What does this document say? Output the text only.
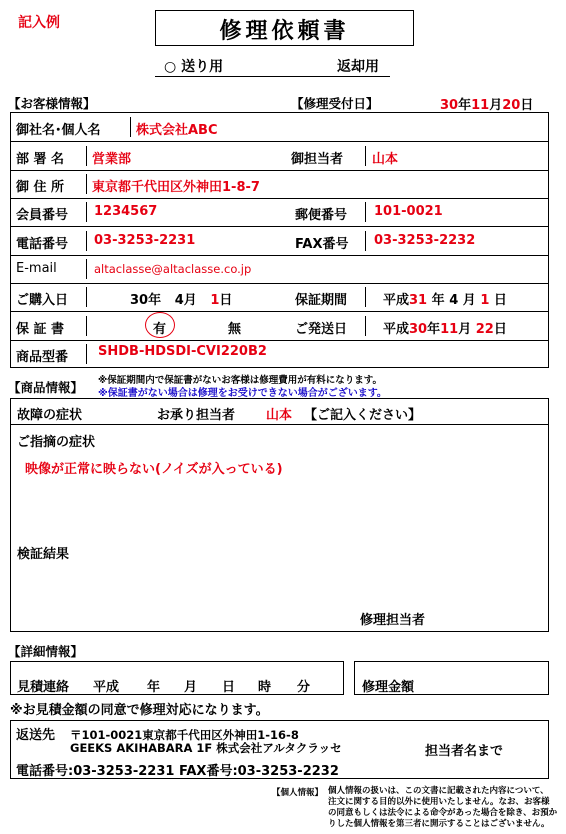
記入例	修理依頼書
○ 送り用	返却用
【お客様情報】	【修理受付日】	30年11月20日
御社名･個人名	株式会社ABC
部 署 名 営業部	御担当者 山本
御 住 所 東京都千代田区外神田1-8-7
会員番号 1234567	郵便番号 101-0021
電話番号 03-3253-2231	FAX番号 03-3253-2232
E-mail	altaclasse@altaclasse.co.jp
ご購入日	30年 4月 1日	保証期間	平成31 年 4 月 1 日
保 証 書	有	無	ご発送日	平成30年11月 22日
商品型番 SHDB-HDSDI-CVI220B2
【商品情報】 ※保証期間内で保証書がないお客様は修理費用が有料になります。
※保証書がない場合は修理をお受けできない場合がございます。
故障の症状	お承り担当者 山本 【ご記入ください】
ご指摘の症状
映像が正常に映らない(ノイズが入っている)
検証結果
修理担当者
【詳細情報】
見積連絡 平成 年 月 日 時 分	修理金額
※お見積金額の同意で修理対応になります。
返送先 〒101-0021東京都千代田区外神田1-16-8
GEEKS AKIHABARA 1F 株式会社アルタクラッセ	担当者名まで
電話番号:03-3253-2231 FAX番号:03-3253-2232
【個人情報】 個人情報の扱いは、この文書に記載された内容について、
注文に関する目的以外に使用いたしません。なお、お客様
の同意もしくは法令による命令があった場合を除き、お預か
りした個人情報を第三者に開示することはございません。
